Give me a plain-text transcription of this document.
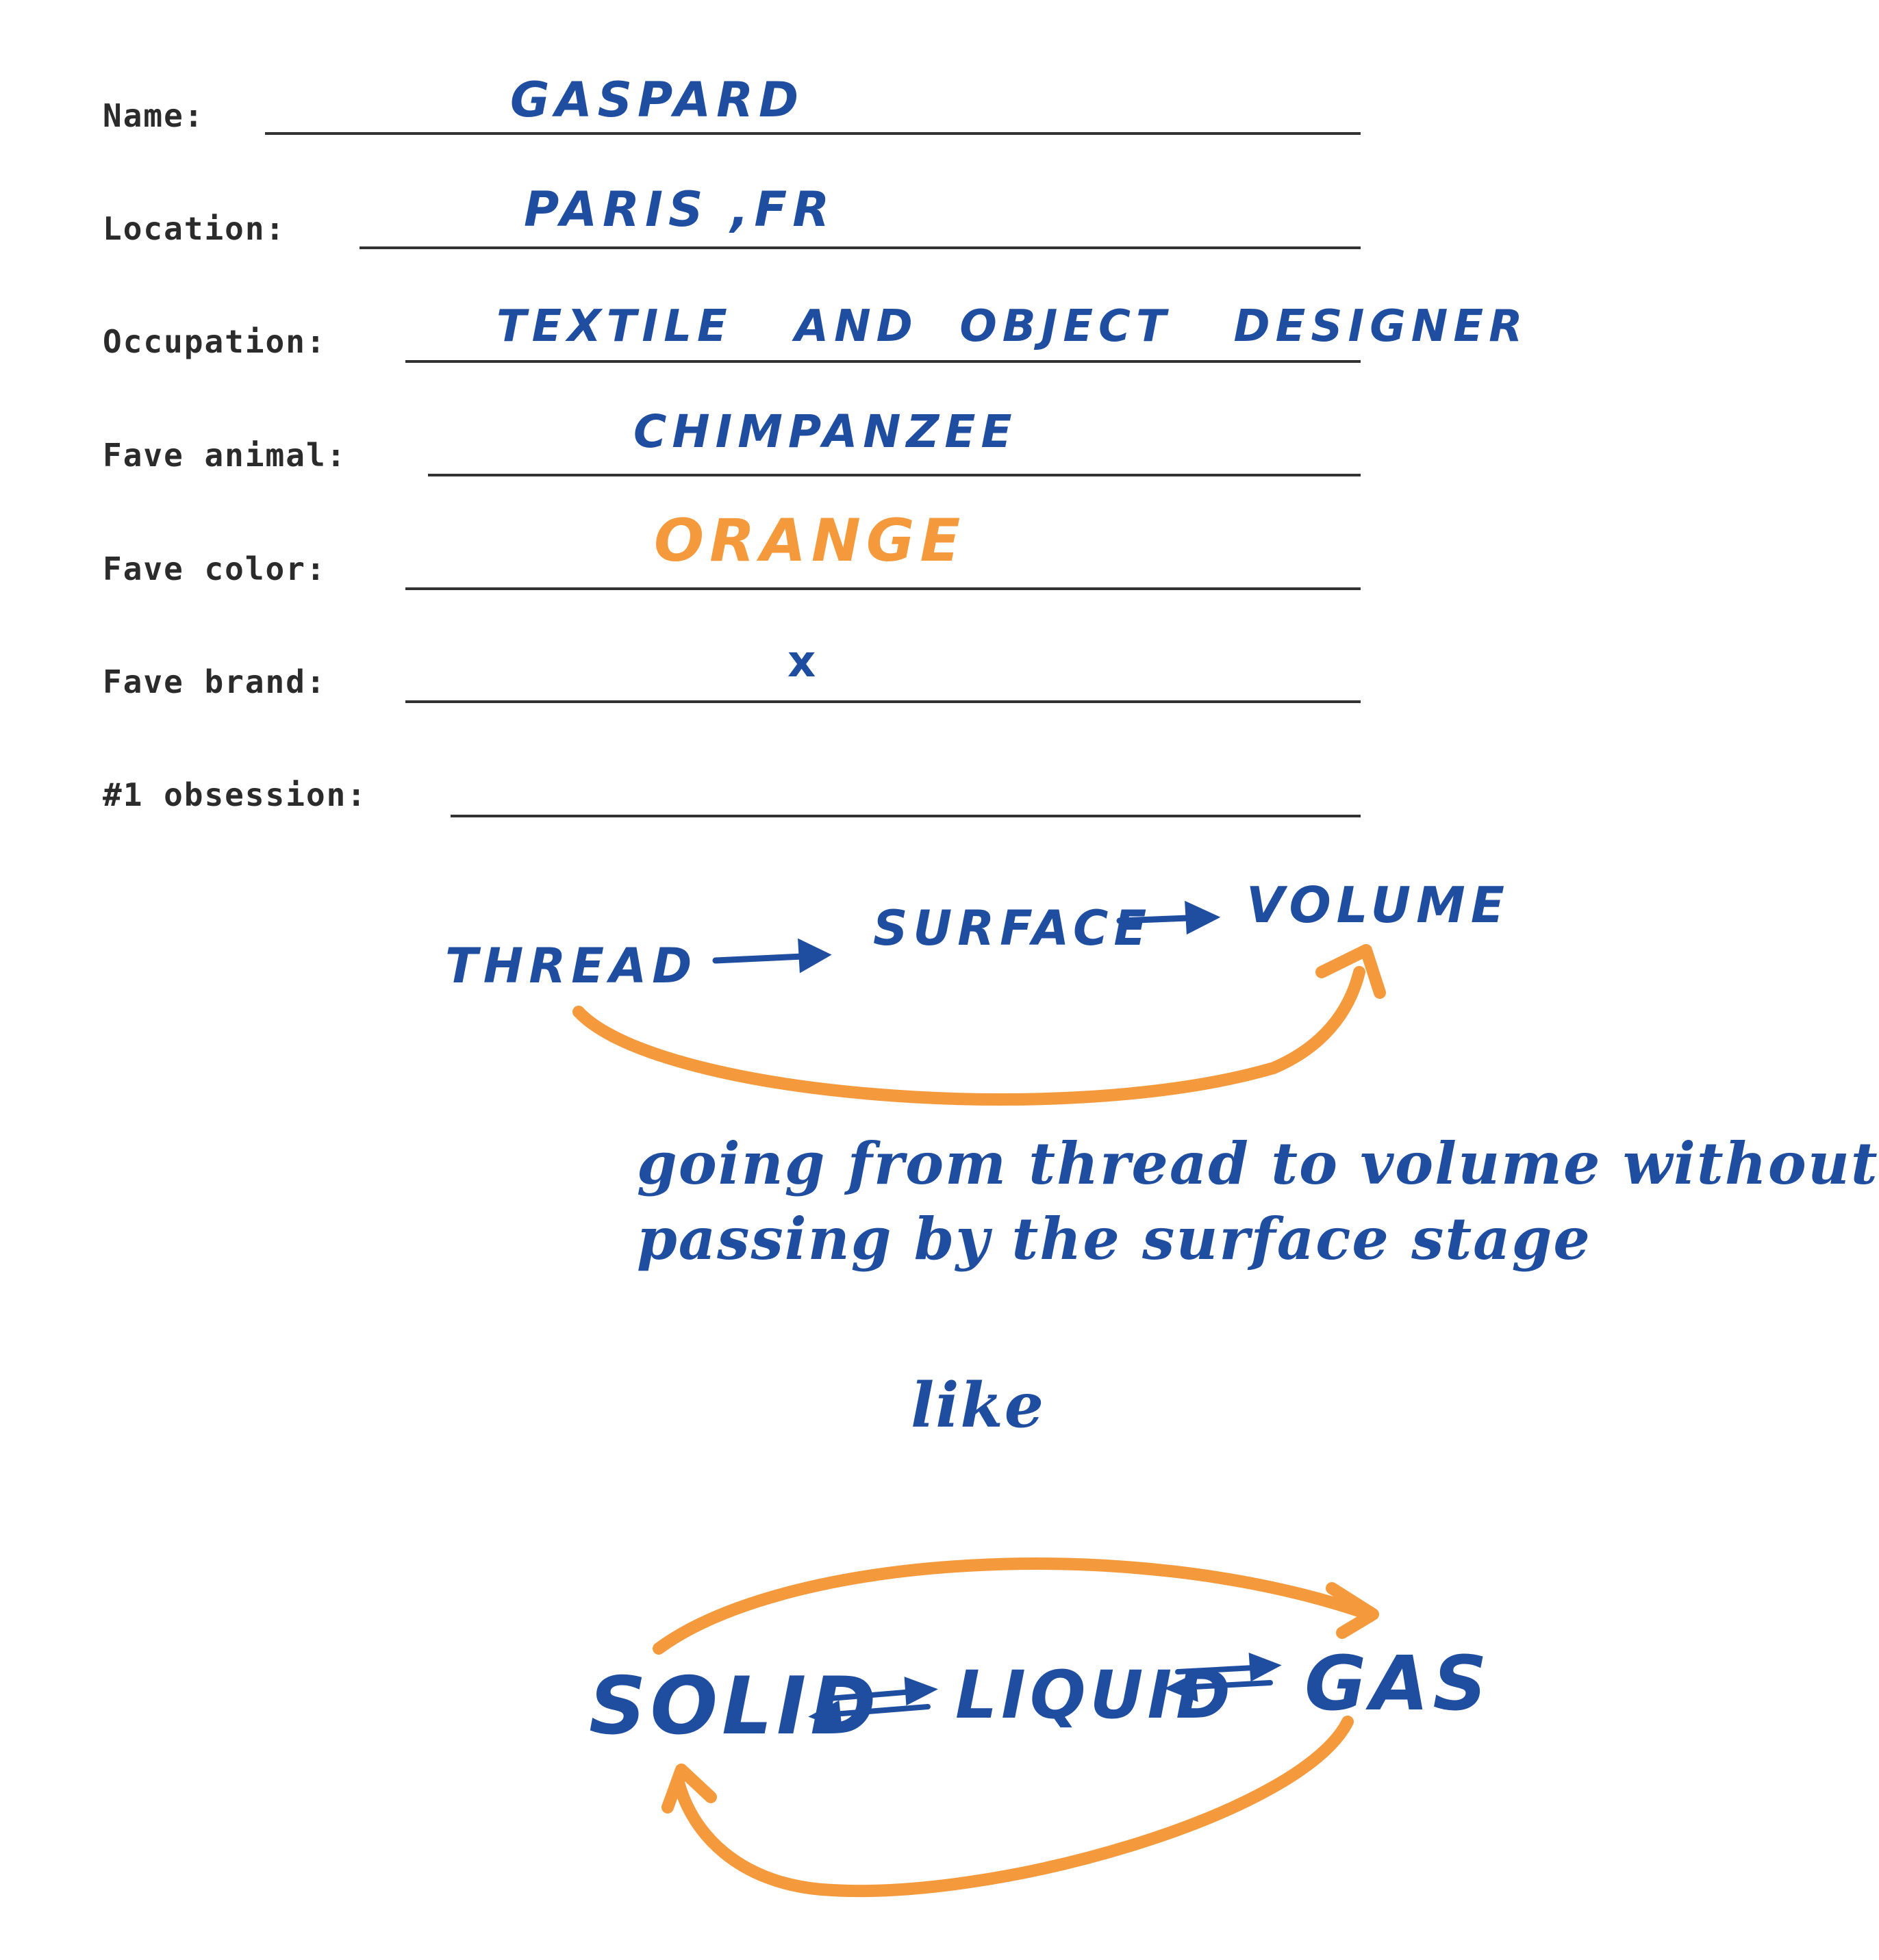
Name:
Location:
Occupation:
Fave animal:
Fave color:
Fave brand:
#1 obsession:
GASPARD
PARIS ,FR
TEXTILE   AND  OBJECT   DESIGNER
CHIMPANZEE
ORANGE
x
THREAD
SURFACE VOLUME
going from thread to volume without
passing by the surface stage
like
SOLID LIQUID GAS
